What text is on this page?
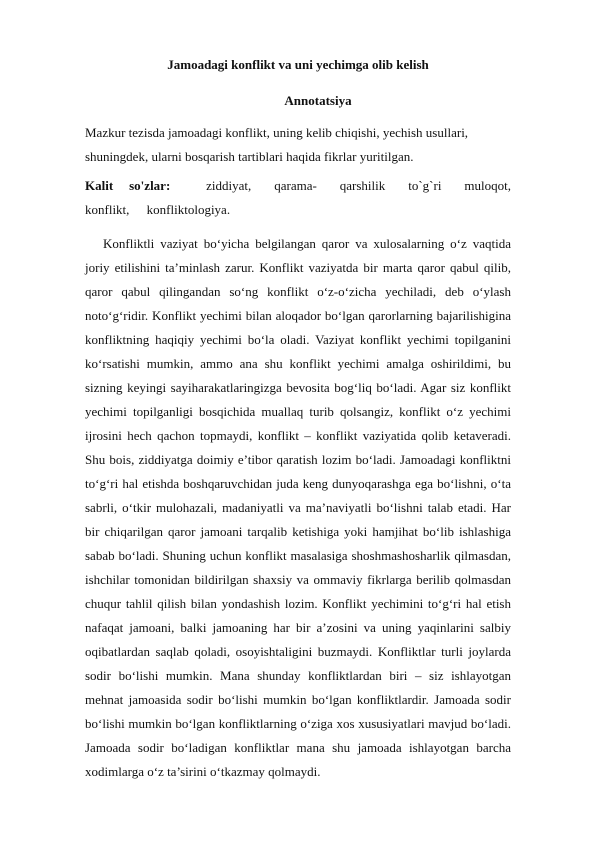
Jamoadagi konflikt va uni yechimga olib kelish
Annotatsiya
Mazkur tezisda jamoadagi konflikt, uning kelib chiqishi, yechish usullari, shuningdek, ularni bosqarish tartiblari haqida fikrlar yuritilgan.
Kalit so'zlar:	ziddiyat, qarama- qarshilik to`g`ri muloqot, konflikt, konfliktologiya.
Konfliktli vaziyat bo‘yicha belgilangan qaror va xulosalarning o‘z vaqtida joriy etilishini ta’minlash zarur. Konflikt vaziyatda bir marta qaror qabul qilib, qaror qabul qilingandan so‘ng konflikt o‘z-o‘zicha yechiladi, deb o‘ylash noto‘g‘ridir. Konflikt yechimi bilan aloqador bo‘lgan qarorlarning bajarilishigina konfliktning haqiqiy yechimi bo‘la oladi. Vaziyat konflikt yechimi topilganini ko‘rsatishi mumkin, ammo ana shu konflikt yechimi amalga oshirildimi, bu sizning keyingi sayiharakatlaringizga bevosita bog‘liq bo‘ladi. Agar siz konflikt yechimi topilganligi bosqichida muallaq turib qolsangiz, konflikt o‘z yechimi ijrosini hech qachon topmaydi, konflikt – konflikt vaziyatida qolib ketaveradi. Shu bois, ziddiyatga doimiy e’tibor qaratish lozim bo‘ladi. Jamoadagi konfliktni to‘g‘ri hal etishda boshqaruvchidan juda keng dunyoqarashga ega bo‘lishni, o‘ta sabrli, o‘tkir mulohazali, madaniyatli va ma’naviyatli bo‘lishni talab etadi. Har bir chiqarilgan qaror jamoani tarqalib ketishiga yoki hamjihat bo‘lib ishlashiga sabab bo‘ladi. Shuning uchun konflikt masalasiga shoshmashosharlik qilmasdan, ishchilar tomonidan bildirilgan shaxsiy va ommaviy fikrlarga berilib qolmasdan chuqur tahlil qilish bilan yondashish lozim. Konflikt yechimini to‘g‘ri hal etish nafaqat jamoani, balki jamoaning har bir a’zosini va uning yaqinlarini salbiy oqibatlardan saqlab qoladi, osoyishtaligini buzmaydi. Konfliktlar turli joylarda sodir bo‘lishi mumkin. Mana shunday konfliktlardan biri – siz ishlayotgan mehnat jamoasida sodir bo‘lishi mumkin bo‘lgan konfliktlardir. Jamoada sodir bo‘lishi mumkin bo‘lgan konfliktlarning o‘ziga xos xususiyatlari mavjud bo‘ladi. Jamoada sodir bo‘ladigan konfliktlar mana shu jamoada ishlayotgan barcha xodimlarga o‘z ta’sirini o‘tkazmay qolmaydi.
